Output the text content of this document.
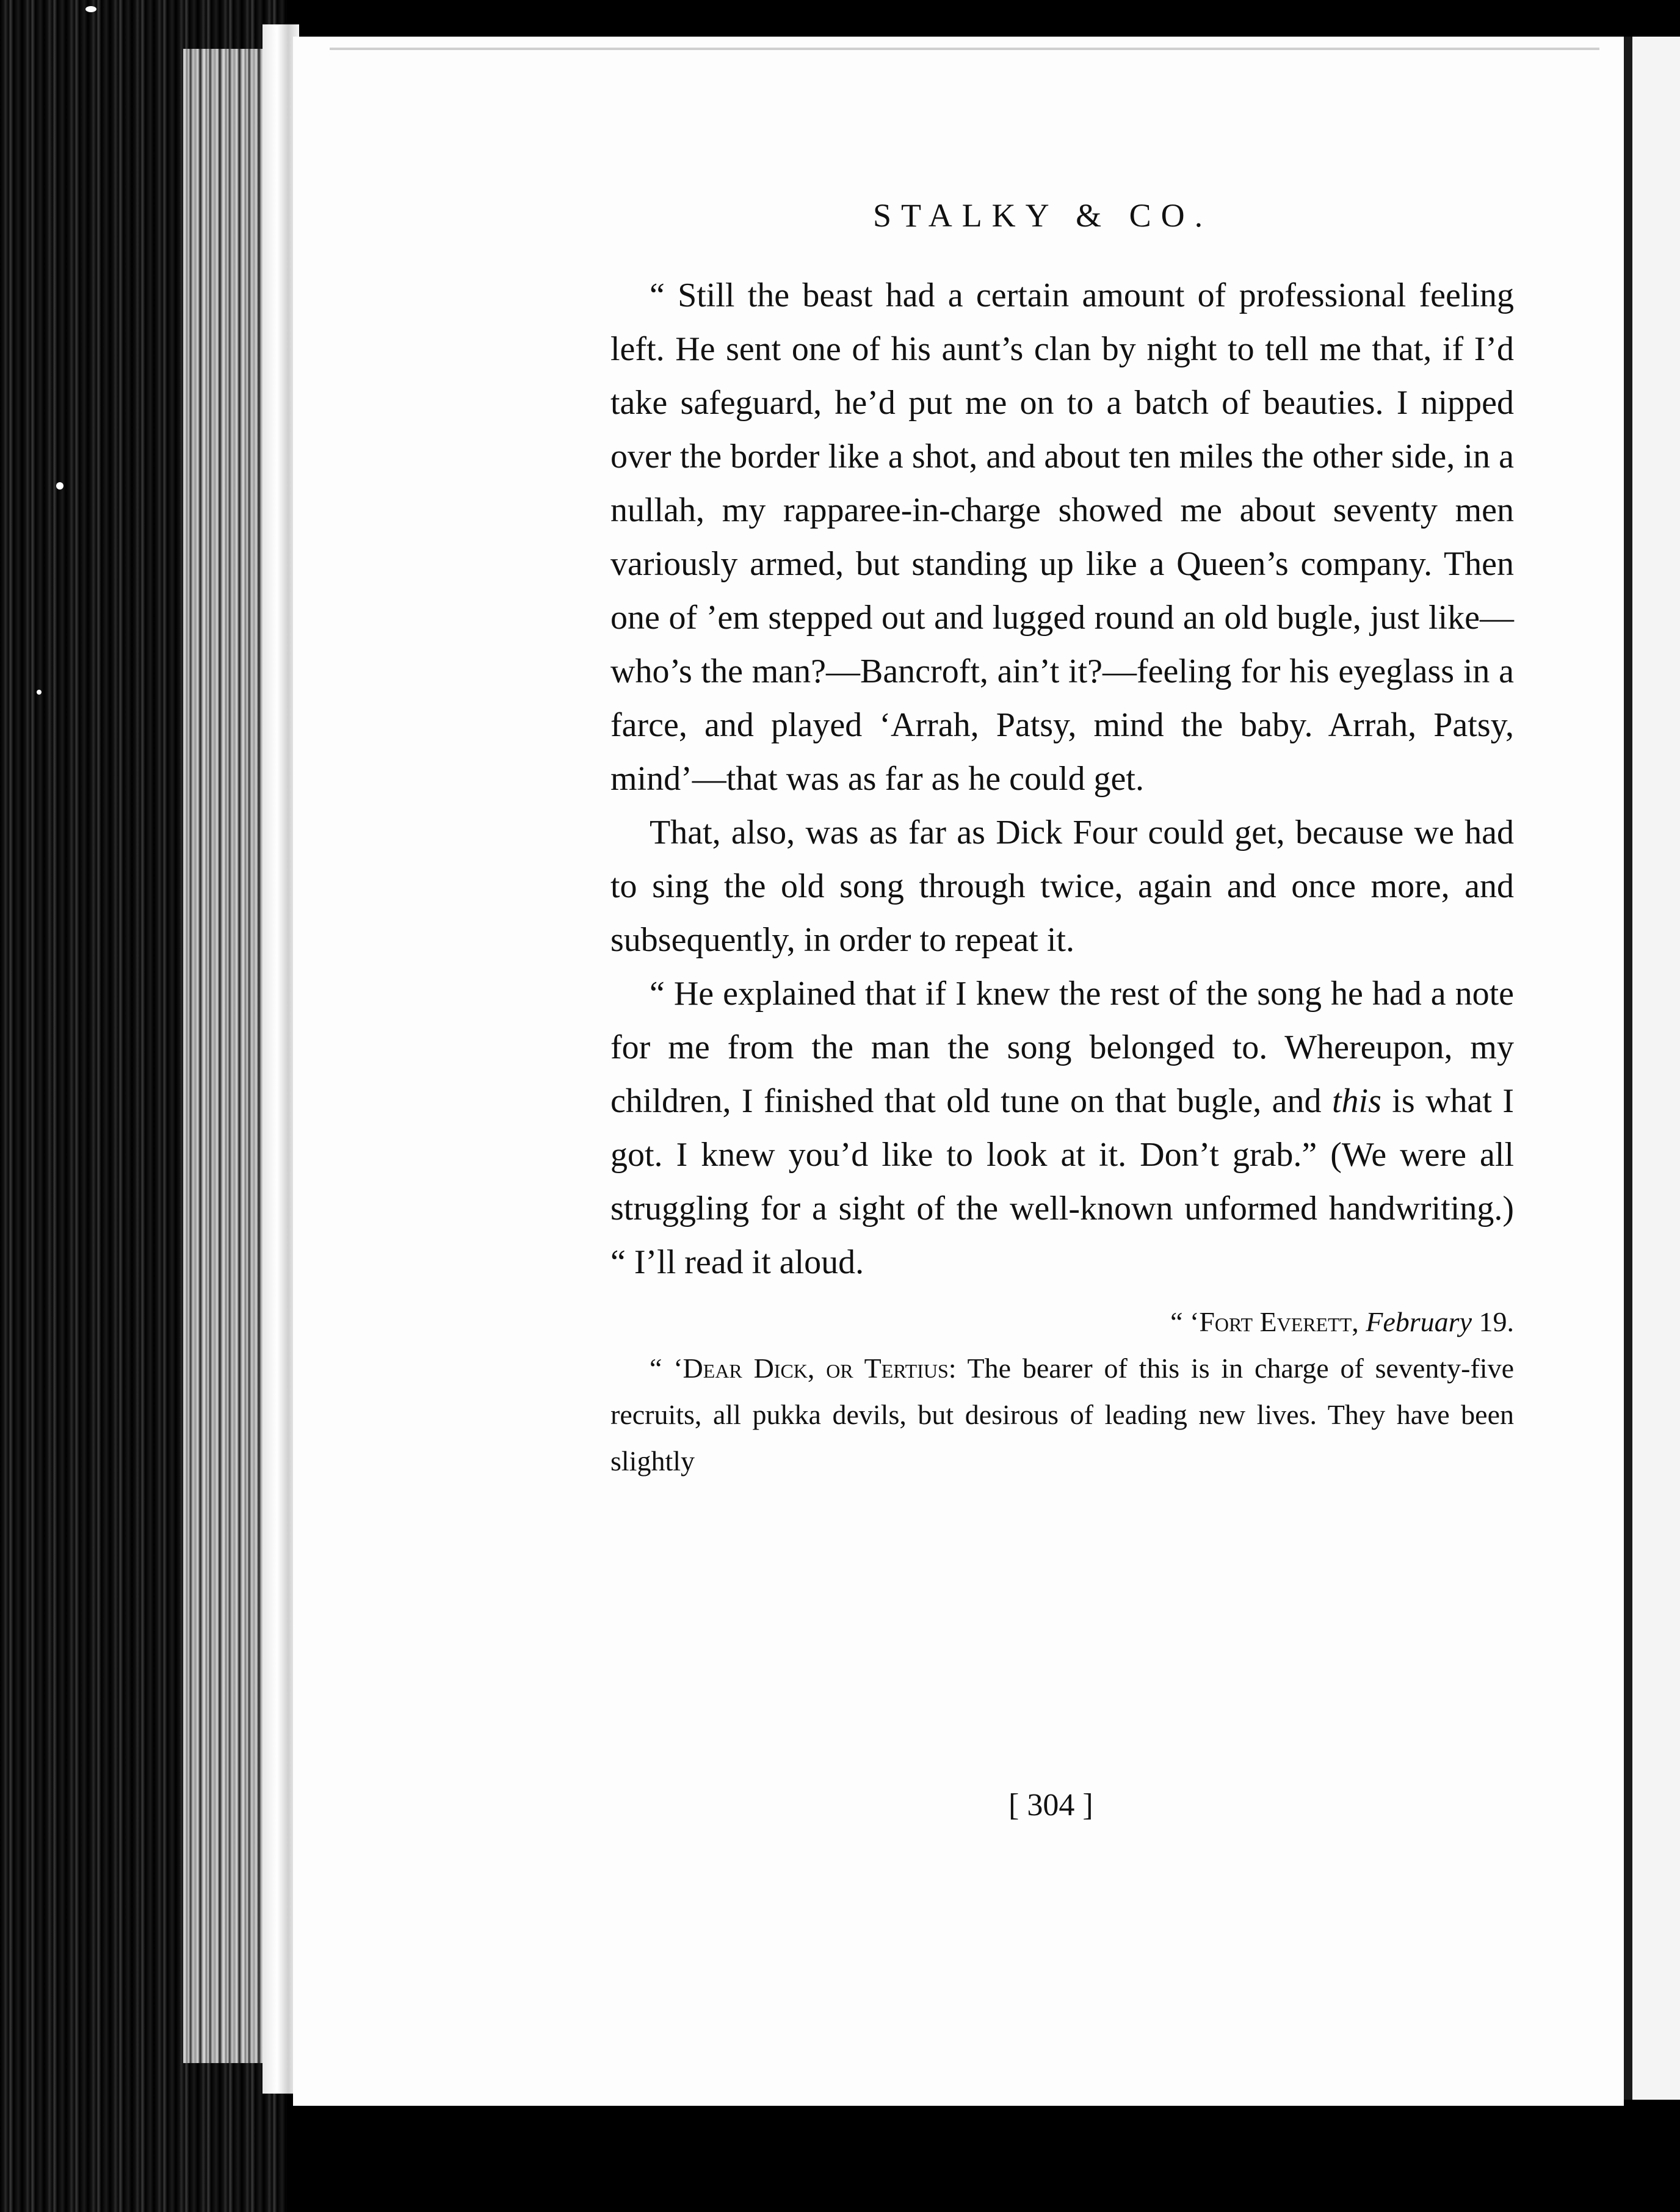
STALKY & CO.

“ Still the beast had a certain amount of professional feeling left. He sent one of his aunt’s clan by night to tell me that, if I’d take safeguard, he’d put me on to a batch of beauties. I nipped over the border like a shot, and about ten miles the other side, in a nullah, my rapparee-in-charge showed me about seventy men variously armed, but standing up like a Queen’s company. Then one of ’em stepped out and lugged round an old bugle, just like—who’s the man?—Bancroft, ain’t it?—feeling for his eyeglass in a farce, and played ‘Arrah, Patsy, mind the baby. Arrah, Patsy, mind’—that was as far as he could get.

That, also, was as far as Dick Four could get, because we had to sing the old song through twice, again and once more, and subsequently, in order to repeat it.

“ He explained that if I knew the rest of the song he had a note for me from the man the song belonged to. Whereupon, my children, I finished that old tune on that bugle, and this is what I got. I knew you’d like to look at it. Don’t grab.” (We were all struggling for a sight of the well-known unformed handwriting.) “ I’ll read it aloud.

“ ‘Fort Everett, February 19.

“ ‘Dear Dick, or Tertius: The bearer of this is in charge of seventy-five recruits, all pukka devils, but desirous of leading new lives. They have been slightly

[ 304 ]
